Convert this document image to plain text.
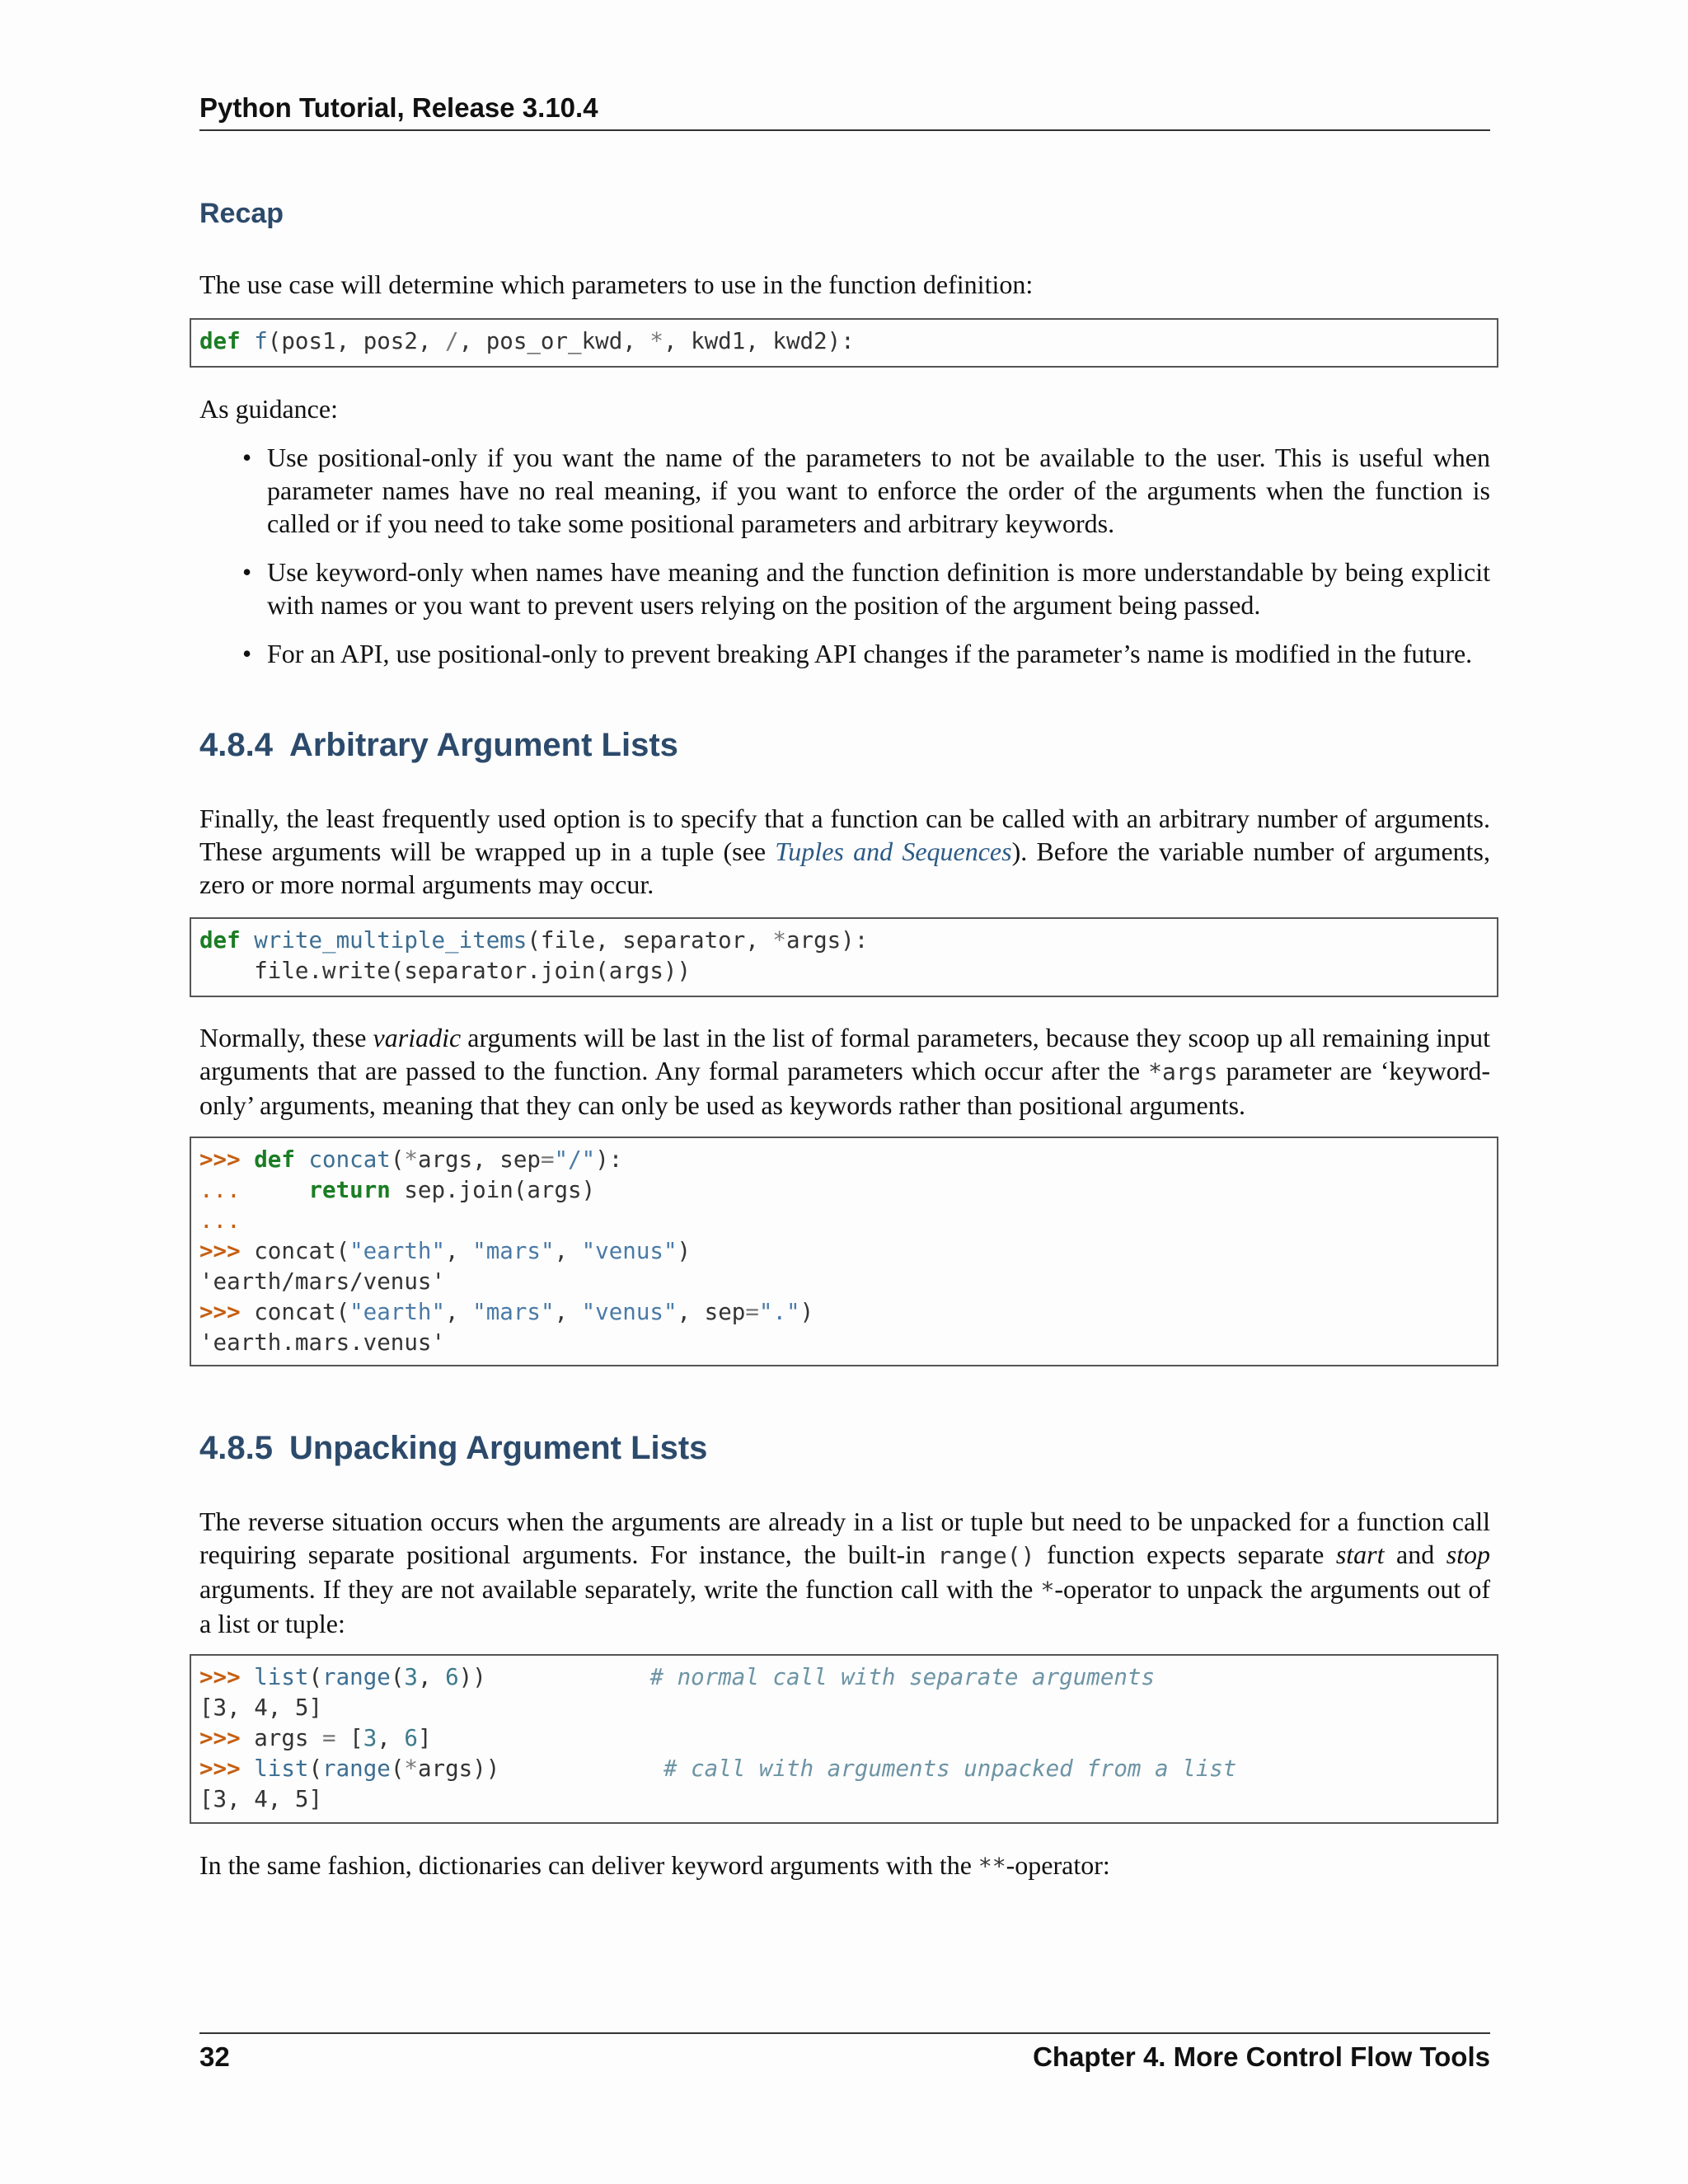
Python Tutorial, Release 3.10.4
Recap
The use case will determine which parameters to use in the function definition:
def f(pos1, pos2, /, pos_or_kwd, *, kwd1, kwd2):
As guidance:
• Use positional-only if you want the name of the parameters to not be available to the user. This is useful when parameter names have no real meaning, if you want to enforce the order of the arguments when the function is called or if you need to take some positional parameters and arbitrary keywords.
• Use keyword-only when names have meaning and the function definition is more understandable by being explicit with names or you want to prevent users relying on the position of the argument being passed.
• For an API, use positional-only to prevent breaking API changes if the parameter’s name is modified in the future.
4.8.4 Arbitrary Argument Lists
Finally, the least frequently used option is to specify that a function can be called with an arbitrary number of arguments. These arguments will be wrapped up in a tuple (see Tuples and Sequences). Before the variable number of arguments, zero or more normal arguments may occur.
def write_multiple_items(file, separator, *args):
file.write(separator.join(args))
Normally, these variadic arguments will be last in the list of formal parameters, because they scoop up all remaining input arguments that are passed to the function. Any formal parameters which occur after the *args parameter are ‘keyword-only’ arguments, meaning that they can only be used as keywords rather than positional arguments.
>>> def concat(*args, sep="/"):
...	return sep.join(args)
...
>>> concat("earth", "mars", "venus")
'earth/mars/venus'
>>> concat("earth", "mars", "venus", sep=".")
'earth.mars.venus'
4.8.5 Unpacking Argument Lists
The reverse situation occurs when the arguments are already in a list or tuple but need to be unpacked for a function call requiring separate positional arguments. For instance, the built-in range() function expects separate start and stop arguments. If they are not available separately, write the function call with the *-operator to unpack the arguments out of a list or tuple:
>>> list(range(3, 6))	# normal call with separate arguments
[3, 4, 5]
>>> args = [3, 6]
>>> list(range(*args))	# call with arguments unpacked from a list
[3, 4, 5]
In the same fashion, dictionaries can deliver keyword arguments with the **-operator:
32	Chapter 4. More Control Flow Tools
